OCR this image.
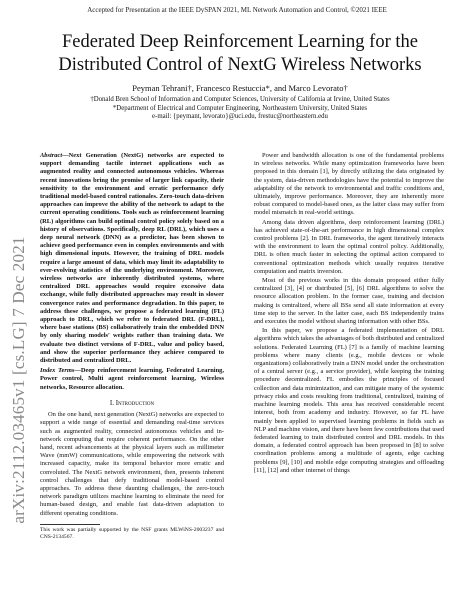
Accepted for Presentation at the IEEE DySPAN 2021, ML Network Automation and Control, ©2021 IEEE
arXiv:2112.03465v1 [cs.LG] 7 Dec 2021
Federated Deep Reinforcement Learning for the Distributed Control of NextG Wireless Networks
Peyman Tehrani†, Francesco Restuccia*, and Marco Levorato†
†Donald Bren School of Information and Computer Sciences, University of California at Irvine, United States
*Department of Electrical and Computer Engineering, Northeastern University, United States
e-mail: {peymant, levorato}@uci.edu, frestuc@northeastern.edu

Abstract—Next Generation (NextG) networks are expected to support demanding tactile internet applications such as augmented reality and connected autonomous vehicles. Whereas recent innovations bring the promise of larger link capacity, their sensitivity to the environment and erratic performance defy traditional model-based control rationales. Zero-touch data-driven approaches can improve the ability of the network to adapt to the current operating conditions. Tools such as reinforcement learning (RL) algorithms can build optimal control policy solely based on a history of observations. Specifically, deep RL (DRL), which uses a deep neural network (DNN) as a predictor, has been shown to achieve good performance even in complex environments and with high dimensional inputs. However, the training of DRL models require a large amount of data, which may limit its adaptability to ever-evolving statistics of the underlying environment. Moreover, wireless networks are inherently distributed systems, where centralized DRL approaches would require excessive data exchange, while fully distributed approaches may result in slower convergence rates and performance degradation. In this paper, to address these challenges, we propose a federated learning (FL) approach to DRL, which we refer to federated DRL (F-DRL), where base stations (BS) collaboratively train the embedded DNN by only sharing models' weights rather than training data. We evaluate two distinct versions of F-DRL, value and policy based, and show the superior performance they achieve compared to distributed and centralized DRL.

Index Terms—Deep reinforcement learning, Federated Learning, Power control, Multi agent reinforcement learning, Wireless networks, Resource allocation.

I. Introduction

On the one hand, next generation (NextG) networks are expected to support a wide range of essential and demanding real-time services such as augmented reality, connected autonomous vehicles and in-network computing that require coherent performance. On the other hand, recent advancements at the physical layers such as millimeter Wave (mmW) communications, while empowering the network with increased capacity, make its temporal behavior more erratic and convoluted. The NextG network environment, then, presents inherent control challenges that defy traditional model-based control approaches. To address these daunting challenges, the zero-touch network paradigm utilizes machine learning to eliminate the need for human-based design, and enable fast data-driven adaptation to different operating conditions.

This work was partially supported by the NSF grants MLWiNS-2003237 and CNS-2134567.

Power and bandwidth allocation is one of the fundamental problems in wireless networks. While many optimization frameworks have been proposed in this domain [1], by directly utilizing the data originated by the system, data-driven methodologies have the potential to improve the adaptability of the network to environmental and traffic conditions and, ultimately, improve performance. Moreover, they are inherently more robust compared to model-based ones, as the latter class may suffer from model mismatch in real-world settings.

Among data driven algorithms, deep reinforcement learning (DRL) has achieved state-of-the-art performance in high dimensional complex control problems [2]. In DRL frameworks, the agent iteratively interacts with the environment to learn the optimal control policy. Additionally, DRL is often much faster in selecting the optimal action compared to conventional optimization methods which usually requires iterative computation and matrix inversion.

Most of the previous works in this domain proposed either fully centralized [3], [4] or distributed [5], [6] DRL algorithms to solve the resource allocation problem. In the former case, training and decision making is centralized, where all BSs send all state information at every time step to the server. In the latter case, each BS independently trains and executes the model without sharing information with other BSs.

In this paper, we propose a federated implementation of DRL algorithms which takes the advantages of both distributed and centralized solutions. Federated Learning (FL) [7] is a family of machine learning problems where many clients (e.g., mobile devices or whole organizations) collaboratively train a DNN model under the orchestration of a central server (e.g., a service provider), while keeping the training procedure decentralized. FL embodies the principles of focused collection and data minimization, and can mitigate many of the systemic privacy risks and costs resulting from traditional, centralized, training of machine learning models. This area has received considerable recent interest, both from academy and industry. However, so far FL have mainly been applied to supervised learning problems in fields such as NLP and machine vision, and there have been few contributions that used federated learning to train distributed control and DRL models. In this domain, a federated control approach has been proposed in [8] to solve coordination problems among a multitude of agents, edge caching problems [9], [10] and mobile edge computing strategies and offloading [11], [12] and other internet of things
